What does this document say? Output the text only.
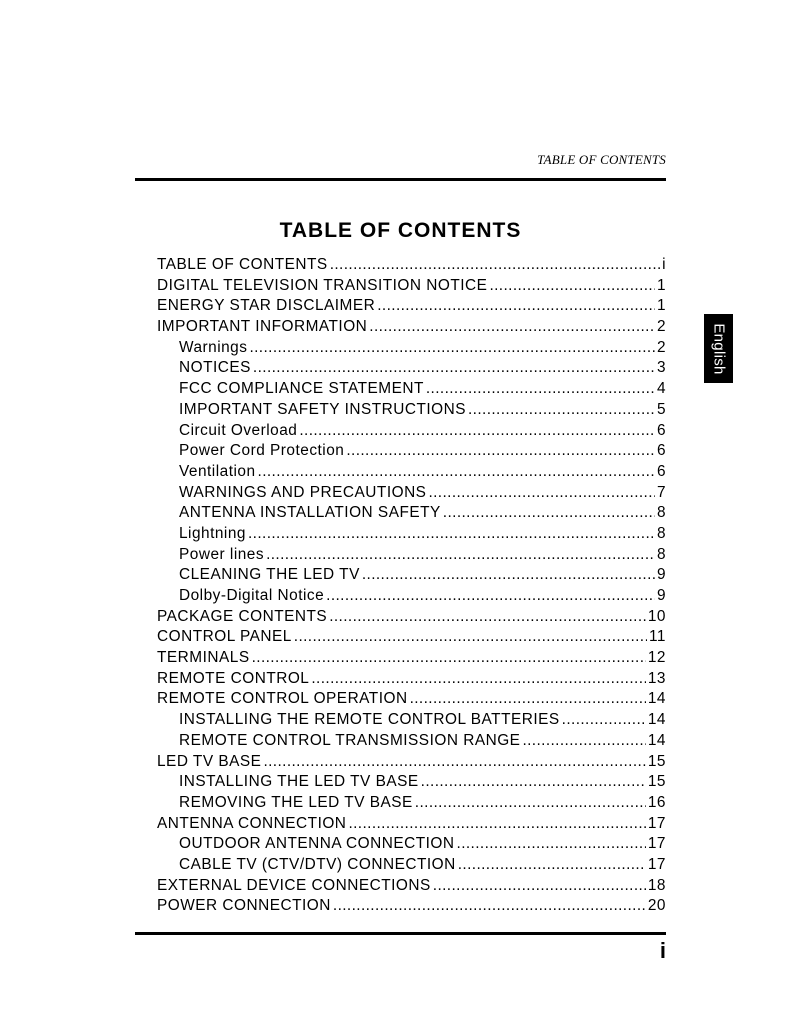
TABLE OF CONTENTS
TABLE OF CONTENTS
English
TABLE OF CONTENTS .....	i
DIGITAL TELEVISION TRANSITION NOTICE .....	1
ENERGY STAR DISCLAIMER .....	1
IMPORTANT INFORMATION .....	2
Warnings .....	2
NOTICES .....	3
FCC COMPLIANCE STATEMENT .....	4
IMPORTANT SAFETY INSTRUCTIONS .....	5
Circuit Overload .....	6
Power Cord Protection .....	6
Ventilation .....	6
WARNINGS AND PRECAUTIONS .....	7
ANTENNA INSTALLATION SAFETY .....	8
Lightning .....	8
Power lines .....	8
CLEANING THE LED TV .....	9
Dolby-Digital Notice .....	9
PACKAGE CONTENTS .....	10
CONTROL PANEL .....	11
TERMINALS .....	12
REMOTE CONTROL .....	13
REMOTE CONTROL OPERATION .....	14
INSTALLING THE REMOTE CONTROL BATTERIES .....	14
REMOTE CONTROL TRANSMISSION RANGE .....	14
LED TV BASE .....	15
INSTALLING THE LED TV BASE .....	15
REMOVING THE LED TV BASE .....	16
ANTENNA CONNECTION .....	17
OUTDOOR ANTENNA CONNECTION .....	17
CABLE TV (CTV/DTV) CONNECTION .....	17
EXTERNAL DEVICE CONNECTIONS .....	18
POWER CONNECTION .....	20
i
